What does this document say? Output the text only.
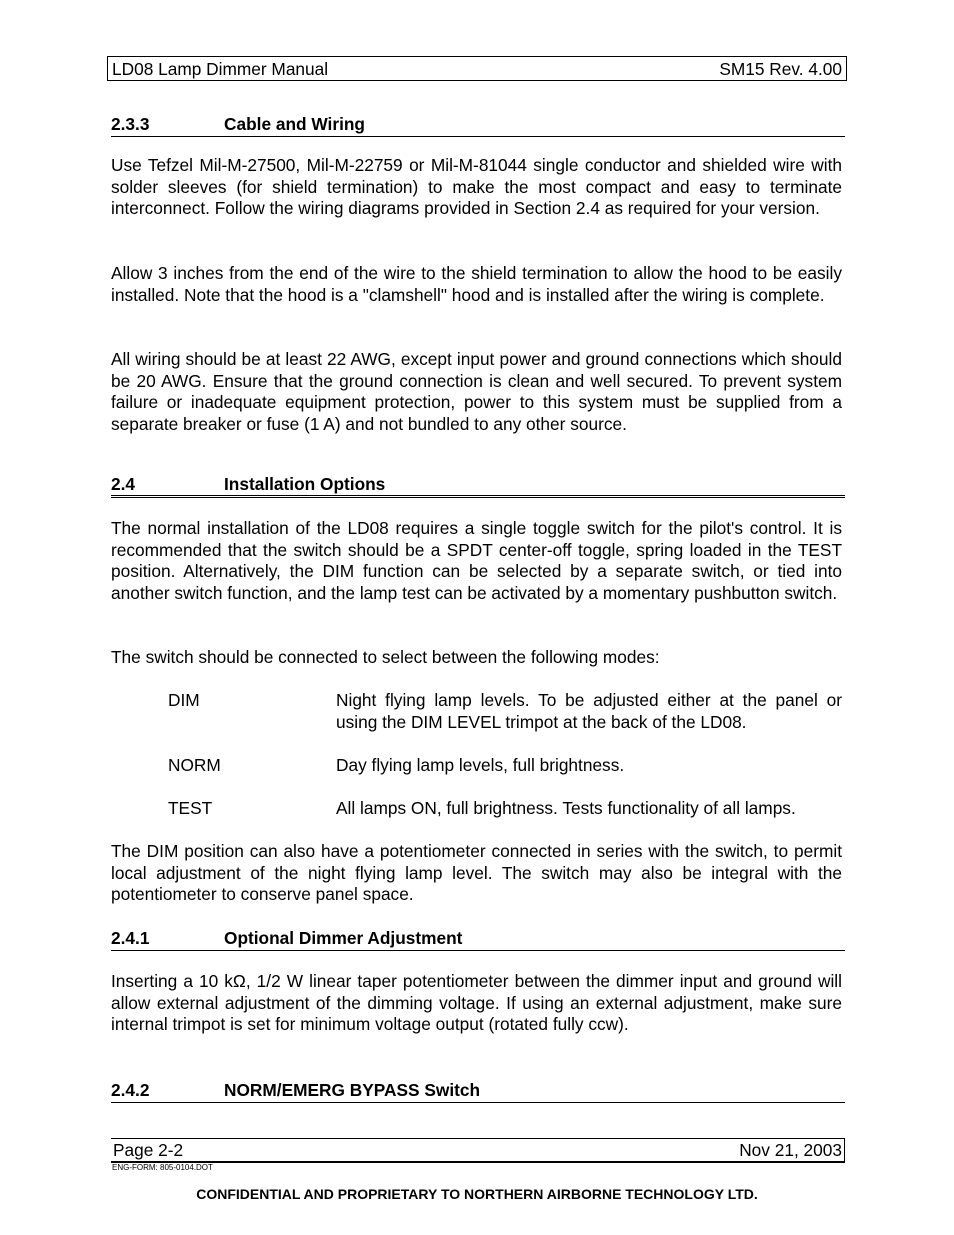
LD08 Lamp Dimmer Manual	SM15 Rev. 4.00
2.3.3	Cable and Wiring

Use Tefzel Mil-M-27500, Mil-M-22759 or Mil-M-81044 single conductor and shielded wire with solder sleeves (for shield termination) to make the most compact and easy to terminate interconnect. Follow the wiring diagrams provided in Section 2.4 as required for your version.

Allow 3 inches from the end of the wire to the shield termination to allow the hood to be easily installed. Note that the hood is a "clamshell" hood and is installed after the wiring is complete.

All wiring should be at least 22 AWG, except input power and ground connections which should be 20 AWG. Ensure that the ground connection is clean and well secured. To prevent system failure or inadequate equipment protection, power to this system must be supplied from a separate breaker or fuse (1 A) and not bundled to any other source.

2.4	Installation Options

The normal installation of the LD08 requires a single toggle switch for the pilot's control. It is recommended that the switch should be a SPDT center-off toggle, spring loaded in the TEST position. Alternatively, the DIM function can be selected by a separate switch, or tied into another switch function, and the lamp test can be activated by a momentary pushbutton switch.

The switch should be connected to select between the following modes:

DIM	Night flying lamp levels. To be adjusted either at the panel or using the DIM LEVEL trimpot at the back of the LD08.
NORM	Day flying lamp levels, full brightness.
TEST	All lamps ON, full brightness. Tests functionality of all lamps.

The DIM position can also have a potentiometer connected in series with the switch, to permit local adjustment of the night flying lamp level. The switch may also be integral with the potentiometer to conserve panel space.

2.4.1	Optional Dimmer Adjustment

Inserting a 10 kΩ, 1/2 W linear taper potentiometer between the dimmer input and ground will allow external adjustment of the dimming voltage. If using an external adjustment, make sure internal trimpot is set for minimum voltage output (rotated fully ccw).

2.4.2	NORM/EMERG BYPASS Switch
Page 2-2	Nov 21, 2003
ENG-FORM: 805-0104.DOT
CONFIDENTIAL AND PROPRIETARY TO NORTHERN AIRBORNE TECHNOLOGY LTD.
